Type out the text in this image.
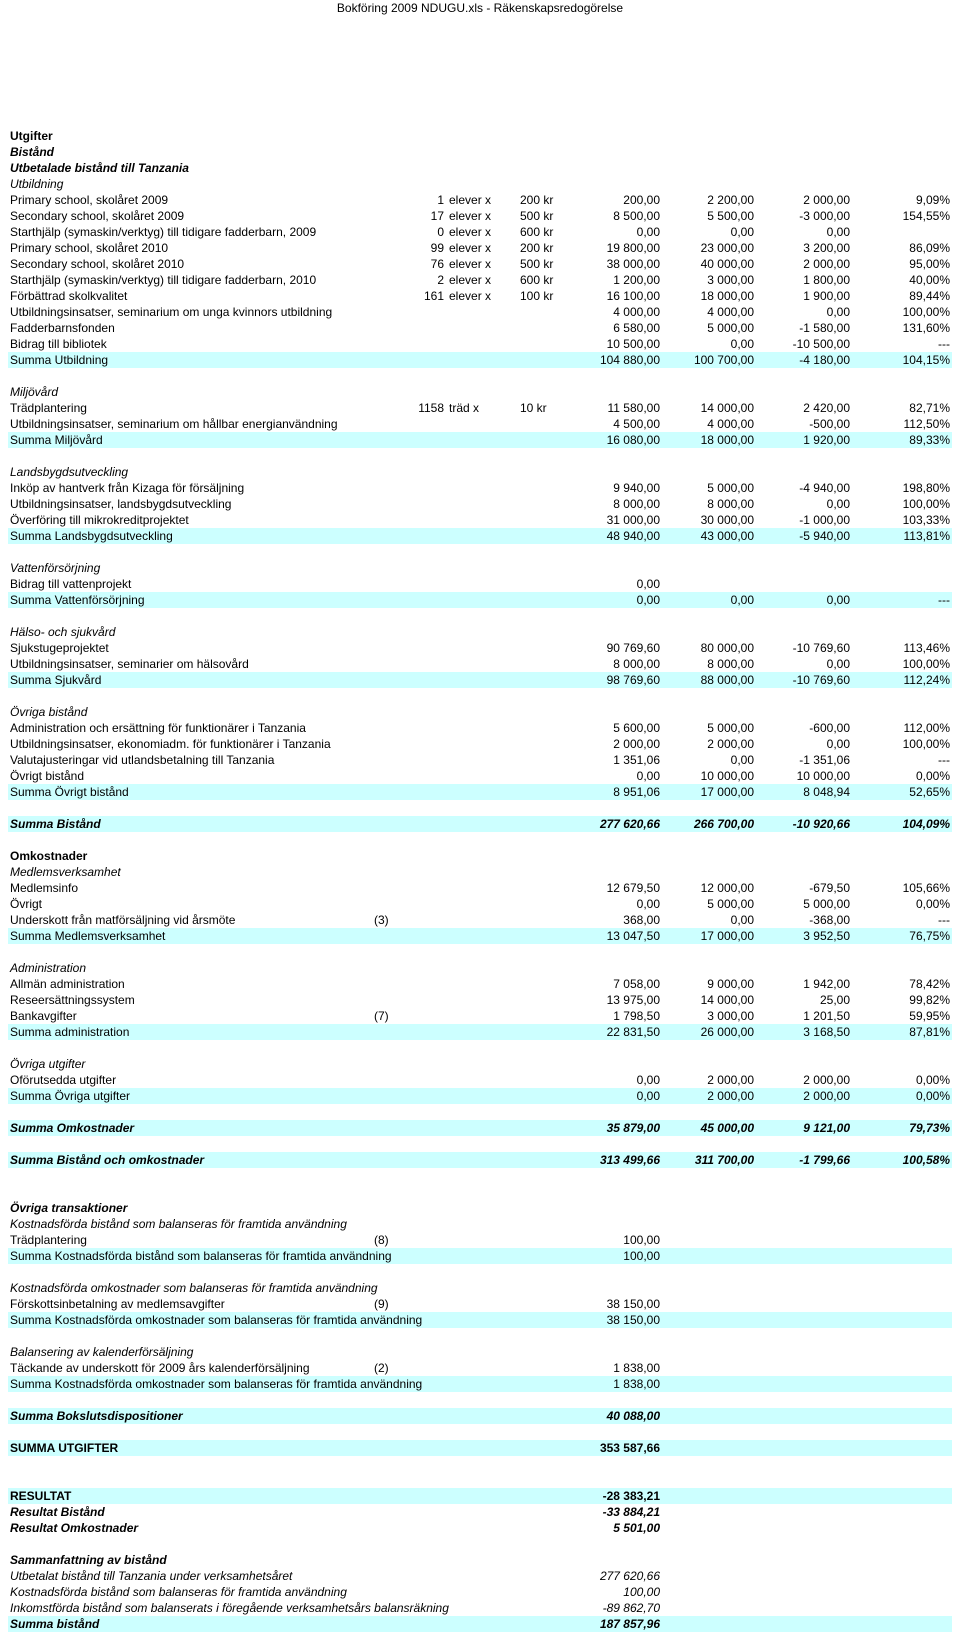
Bokföring 2009 NDUGU.xls - Räkenskapsredogörelse
Utgifter
Bistånd
Utbetalade bistånd till Tanzania
Utbildning
Primary school, skolåret 2009	1 elever x 200 kr	200,00	2 200,00	2 000,00	9,09%
Secondary school, skolåret 2009	17 elever x 500 kr	8 500,00	5 500,00	-3 000,00	154,55%
Starthjälp (symaskin/verktyg) till tidigare fadderbarn, 2009	0 elever x 600 kr	0,00	0,00	0,00
Primary school, skolåret 2010	99 elever x 200 kr	19 800,00	23 000,00	3 200,00	86,09%
Secondary school, skolåret 2010	76 elever x 500 kr	38 000,00	40 000,00	2 000,00	95,00%
Starthjälp (symaskin/verktyg) till tidigare fadderbarn, 2010	2 elever x 600 kr	1 200,00	3 000,00	1 800,00	40,00%
Förbättrad skolkvalitet	161 elever x 100 kr	16 100,00	18 000,00	1 900,00	89,44%
Utbildningsinsatser, seminarium om unga kvinnors utbildning	4 000,00	4 000,00	0,00	100,00%
Fadderbarnsfonden	6 580,00	5 000,00	-1 580,00	131,60%
Bidrag till bibliotek	10 500,00	0,00	-10 500,00	---
Summa Utbildning	104 880,00	100 700,00	-4 180,00	104,15%
Miljövård
Trädplantering	1158 träd x	10 kr	11 580,00	14 000,00	2 420,00	82,71%
Utbildningsinsatser, seminarium om hållbar energianvändning	4 500,00	4 000,00	-500,00	112,50%
Summa Miljövård	16 080,00	18 000,00	1 920,00	89,33%
Landsbygdsutveckling
Inköp av hantverk från Kizaga för försäljning	9 940,00	5 000,00	-4 940,00	198,80%
Utbildningsinsatser, landsbygdsutveckling	8 000,00	8 000,00	0,00	100,00%
Överföring till mikrokreditprojektet	31 000,00	30 000,00	-1 000,00	103,33%
Summa Landsbygdsutveckling	48 940,00	43 000,00	-5 940,00	113,81%
Vattenförsörjning
Bidrag till vattenprojekt	0,00
Summa Vattenförsörjning	0,00	0,00	0,00	---
Hälso- och sjukvård
Sjukstugeprojektet	90 769,60	80 000,00	-10 769,60	113,46%
Utbildningsinsatser, seminarier om hälsovård	8 000,00	8 000,00	0,00	100,00%
Summa Sjukvård	98 769,60	88 000,00	-10 769,60	112,24%
Övriga bistånd
Administration och ersättning för funktionärer i Tanzania	5 600,00	5 000,00	-600,00	112,00%
Utbildningsinsatser, ekonomiadm. för funktionärer i Tanzania	2 000,00	2 000,00	0,00	100,00%
Valutajusteringar vid utlandsbetalning till Tanzania	1 351,06	0,00	-1 351,06	---
Övrigt bistånd	0,00	10 000,00	10 000,00	0,00%
Summa Övrigt bistånd	8 951,06	17 000,00	8 048,94	52,65%
Summa Bistånd	277 620,66	266 700,00	-10 920,66	104,09%
Omkostnader
Medlemsverksamhet
Medlemsinfo	12 679,50	12 000,00	-679,50	105,66%
Övrigt	0,00	5 000,00	5 000,00	0,00%
Underskott från matförsäljning vid årsmöte	(3)	368,00	0,00	-368,00	---
Summa Medlemsverksamhet	13 047,50	17 000,00	3 952,50	76,75%
Administration
Allmän administration	7 058,00	9 000,00	1 942,00	78,42%
Reseersättningssystem	13 975,00	14 000,00	25,00	99,82%
Bankavgifter	(7)	1 798,50	3 000,00	1 201,50	59,95%
Summa administration	22 831,50	26 000,00	3 168,50	87,81%
Övriga utgifter
Oförutsedda utgifter	0,00	2 000,00	2 000,00	0,00%
Summa Övriga utgifter	0,00	2 000,00	2 000,00	0,00%
Summa Omkostnader	35 879,00	45 000,00	9 121,00	79,73%
Summa Bistånd och omkostnader	313 499,66	311 700,00	-1 799,66	100,58%
Övriga transaktioner
Kostnadsförda bistånd som balanseras för framtida användning
Trädplantering	(8)	100,00
Summa Kostnadsförda bistånd som balanseras för framtida användning	100,00
Kostnadsförda omkostnader som balanseras för framtida användning
Förskottsinbetalning av medlemsavgifter	(9)	38 150,00
Summa Kostnadsförda omkostnader som balanseras för framtida användning	38 150,00
Balansering av kalenderförsäljning
Täckande av underskott för 2009 års kalenderförsäljning	(2)	1 838,00
Summa Kostnadsförda omkostnader som balanseras för framtida användning	1 838,00
Summa Bokslutsdispositioner	40 088,00
SUMMA UTGIFTER	353 587,66
RESULTAT	-28 383,21
Resultat Bistånd	-33 884,21
Resultat Omkostnader	5 501,00
Sammanfattning av bistånd
Utbetalat bistånd till Tanzania under verksamhetsåret	277 620,66
Kostnadsförda bistånd som balanseras för framtida användning	100,00
Inkomstförda bistånd som balanserats i föregående verksamhetsårs balansräkning	-89 862,70
Summa bistånd	187 857,96
